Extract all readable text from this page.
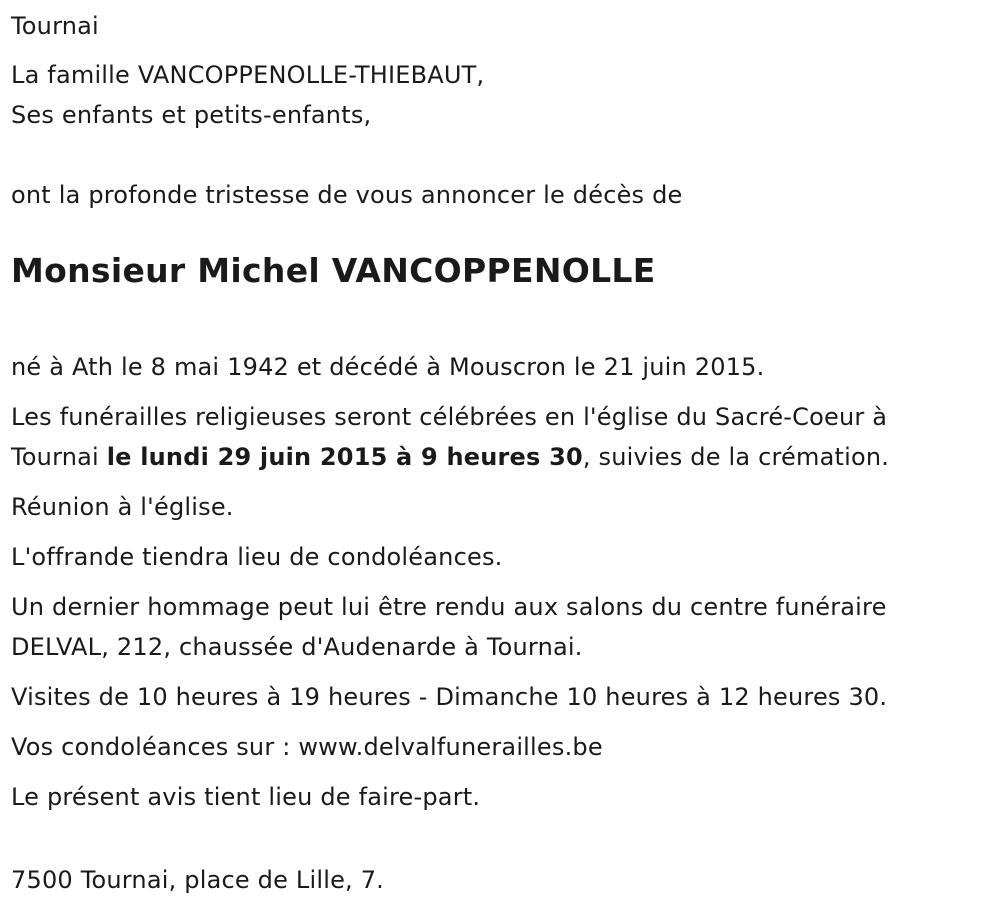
Tournai
La famille VANCOPPENOLLE-THIEBAUT,
Ses enfants et petits-enfants,
ont la profonde tristesse de vous annoncer le décès de
Monsieur Michel VANCOPPENOLLE
né à Ath le 8 mai 1942 et décédé à Mouscron le 21 juin 2015.
Les funérailles religieuses seront célébrées en l'église du Sacré-Coeur à
Tournai le lundi 29 juin 2015 à 9 heures 30, suivies de la crémation.
Réunion à l'église.
L'offrande tiendra lieu de condoléances.
Un dernier hommage peut lui être rendu aux salons du centre funéraire
DELVAL, 212, chaussée d'Audenarde à Tournai.
Visites de 10 heures à 19 heures - Dimanche 10 heures à 12 heures 30.
Vos condoléances sur : www.delvalfunerailles.be
Le présent avis tient lieu de faire-part.
7500 Tournai, place de Lille, 7.
